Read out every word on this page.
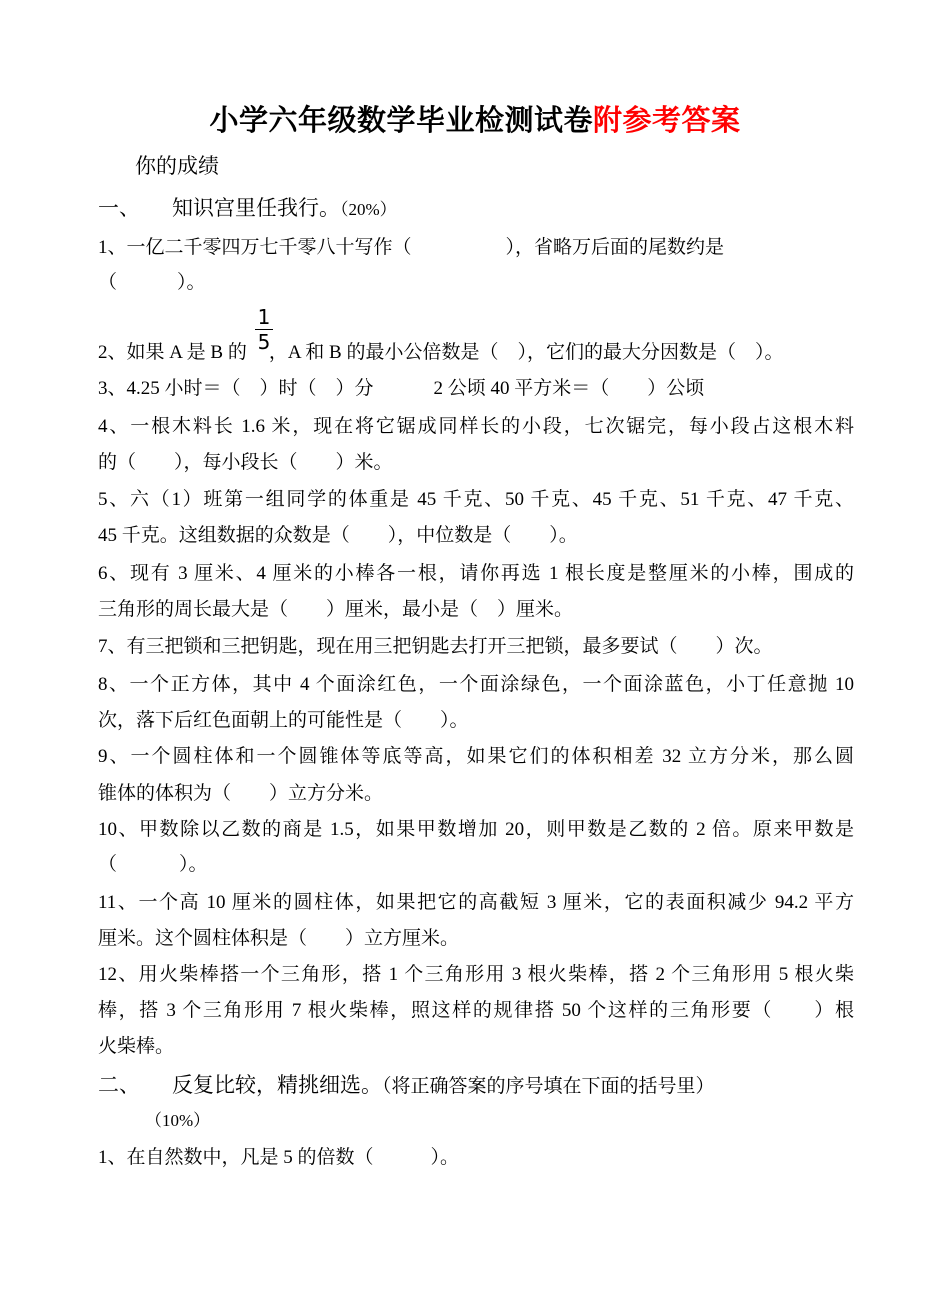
小学六年级数学毕业检测试卷附参考答案
你的成绩
一、 知识宫里任我行。（20%）
1、一亿二千零四万七千零八十写作（	），省略万后面的尾数约是
（	）。
1
5
2、如果 A 是 B 的 ，A 和 B 的最小公倍数是（　），它们的最大分因数是（　）。
3、4.25 小时＝（　）时（　）分	2 公顷 40 平方米＝（　　）公顷
4、一根木料长 1.6 米，现在将它锯成同样长的小段，七次锯完，每小段占这根木料
的（　　），每小段长（　　）米。
5、六（1）班第一组同学的体重是 45 千克、50 千克、45 千克、51 千克、47 千克、
45 千克。这组数据的众数是（　　），中位数是（　　）。
6、现有 3 厘米、4 厘米的小棒各一根，请你再选 1 根长度是整厘米的小棒，围成的
三角形的周长最大是（　　）厘米，最小是（　）厘米。
7、有三把锁和三把钥匙，现在用三把钥匙去打开三把锁，最多要试（　　）次。
8、一个正方体，其中 4 个面涂红色，一个面涂绿色，一个面涂蓝色，小丁任意抛 10
次，落下后红色面朝上的可能性是（　　）。
9、一个圆柱体和一个圆锥体等底等高，如果它们的体积相差 32 立方分米，那么圆
锥体的体积为（　　）立方分米。
10、甲数除以乙数的商是 1.5，如果甲数增加 20，则甲数是乙数的 2 倍。原来甲数是
（	）。
11、一个高 10 厘米的圆柱体，如果把它的高截短 3 厘米，它的表面积减少 94.2 平方
厘米。这个圆柱体积是（　　）立方厘米。
12、用火柴棒搭一个三角形，搭 1 个三角形用 3 根火柴棒，搭 2 个三角形用 5 根火柴
棒，搭 3 个三角形用 7 根火柴棒，照这样的规律搭 50 个这样的三角形要（　　）根
火柴棒。
二、 反复比较，精挑细选。（将正确答案的序号填在下面的括号里）
（10%）
1、在自然数中，凡是 5 的倍数（　　　）。
